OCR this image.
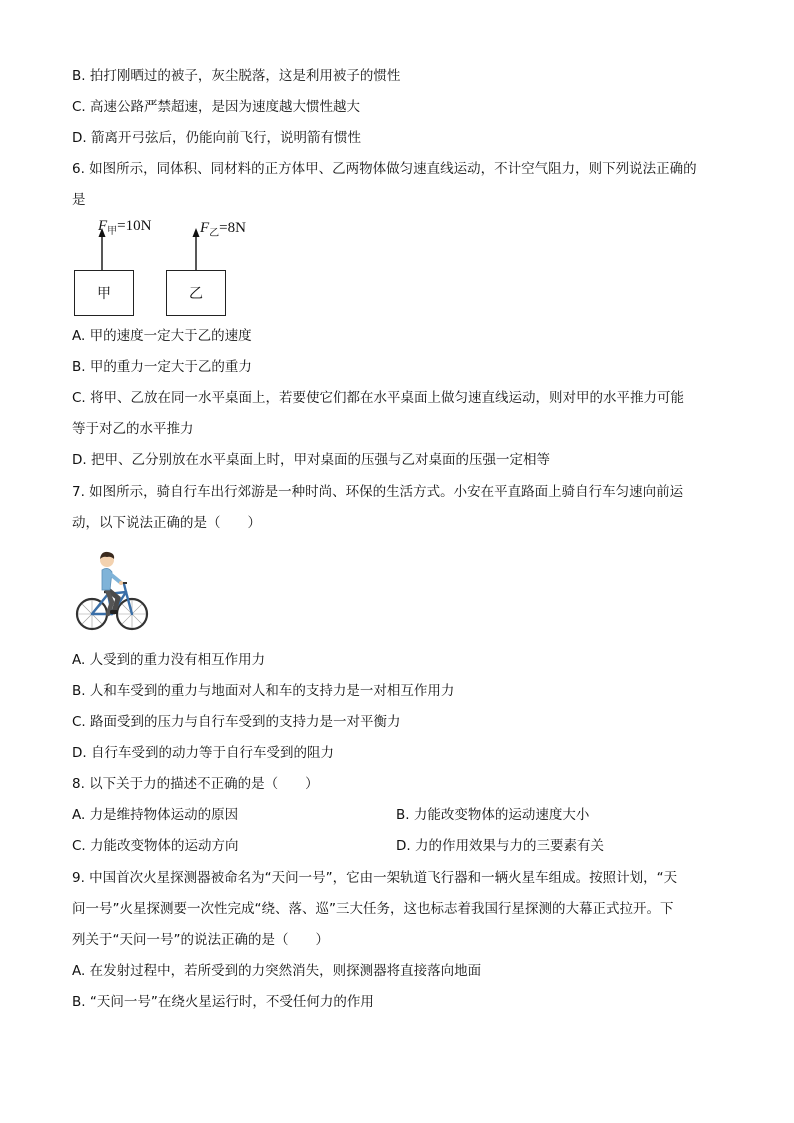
B. 拍打刚晒过的被子，灰尘脱落，这是利用被子的惯性
C. 高速公路严禁超速，是因为速度越大惯性越大
D. 箭离开弓弦后，仍能向前飞行，说明箭有惯性
6. 如图所示，同体积、同材料的正方体甲、乙两物体做匀速直线运动，不计空气阻力，则下列说法正确的
是
$F_甲=10N$	$F_乙=8N$
甲	乙
A. 甲的速度一定大于乙的速度
B. 甲的重力一定大于乙的重力
C. 将甲、乙放在同一水平桌面上，若要使它们都在水平桌面上做匀速直线运动，则对甲的水平推力可能
等于对乙的水平推力
D. 把甲、乙分别放在水平桌面上时，甲对桌面的压强与乙对桌面的压强一定相等
7. 如图所示，骑自行车出行郊游是一种时尚、环保的生活方式。小安在平直路面上骑自行车匀速向前运
动，以下说法正确的是（　　）
A. 人受到的重力没有相互作用力
B. 人和车受到的重力与地面对人和车的支持力是一对相互作用力
C. 路面受到的压力与自行车受到的支持力是一对平衡力
D. 自行车受到的动力等于自行车受到的阻力
8. 以下关于力的描述不正确的是（　　）
A. 力是维持物体运动的原因	B. 力能改变物体的运动速度大小
C. 力能改变物体的运动方向	D. 力的作用效果与力的三要素有关
9. 中国首次火星探测器被命名为“天问一号”，它由一架轨道飞行器和一辆火星车组成。按照计划，“天
问一号”火星探测要一次性完成“绕、落、巡”三大任务，这也标志着我国行星探测的大幕正式拉开。下
列关于“天问一号”的说法正确的是（　　）
A. 在发射过程中，若所受到的力突然消失，则探测器将直接落向地面
B. “天问一号”在绕火星运行时，不受任何力的作用
